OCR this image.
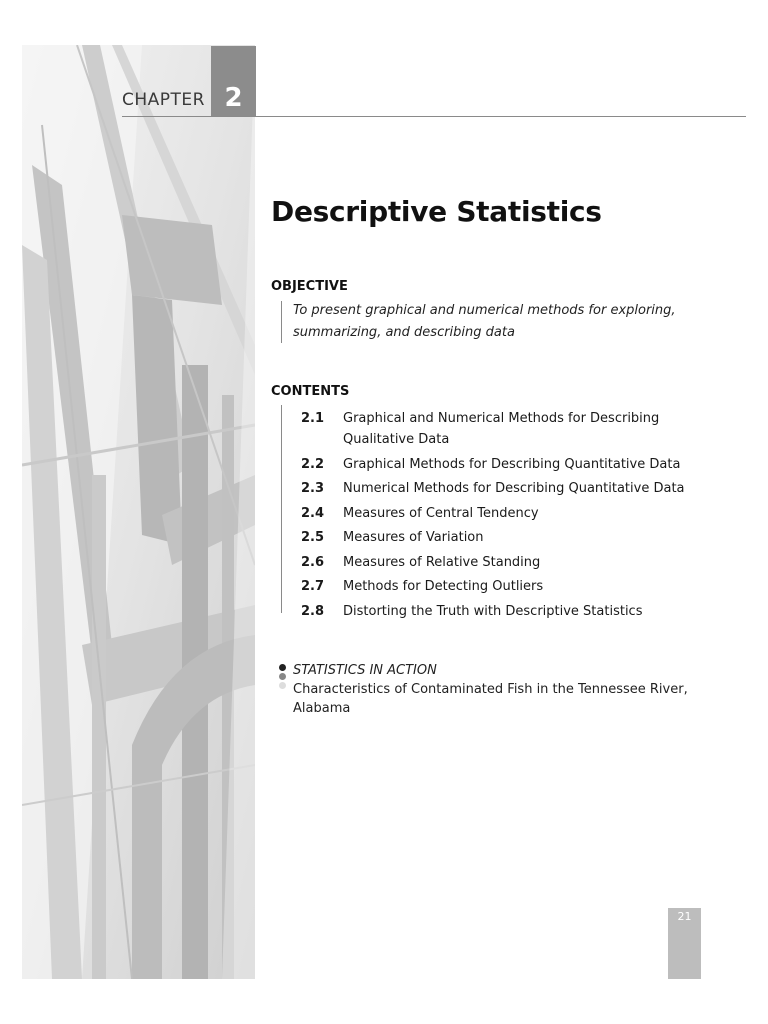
CHAPTER 2
Descriptive Statistics
OBJECTIVE
To present graphical and numerical methods for exploring, summarizing, and describing data
CONTENTS
2.1	Graphical and Numerical Methods for Describing Qualitative Data
2.2	Graphical Methods for Describing Quantitative Data
2.3	Numerical Methods for Describing Quantitative Data
2.4	Measures of Central Tendency
2.5	Measures of Variation
2.6	Measures of Relative Standing
2.7	Methods for Detecting Outliers
2.8	Distorting the Truth with Descriptive Statistics
STATISTICS IN ACTION
Characteristics of Contaminated Fish in the Tennessee River, Alabama
21
